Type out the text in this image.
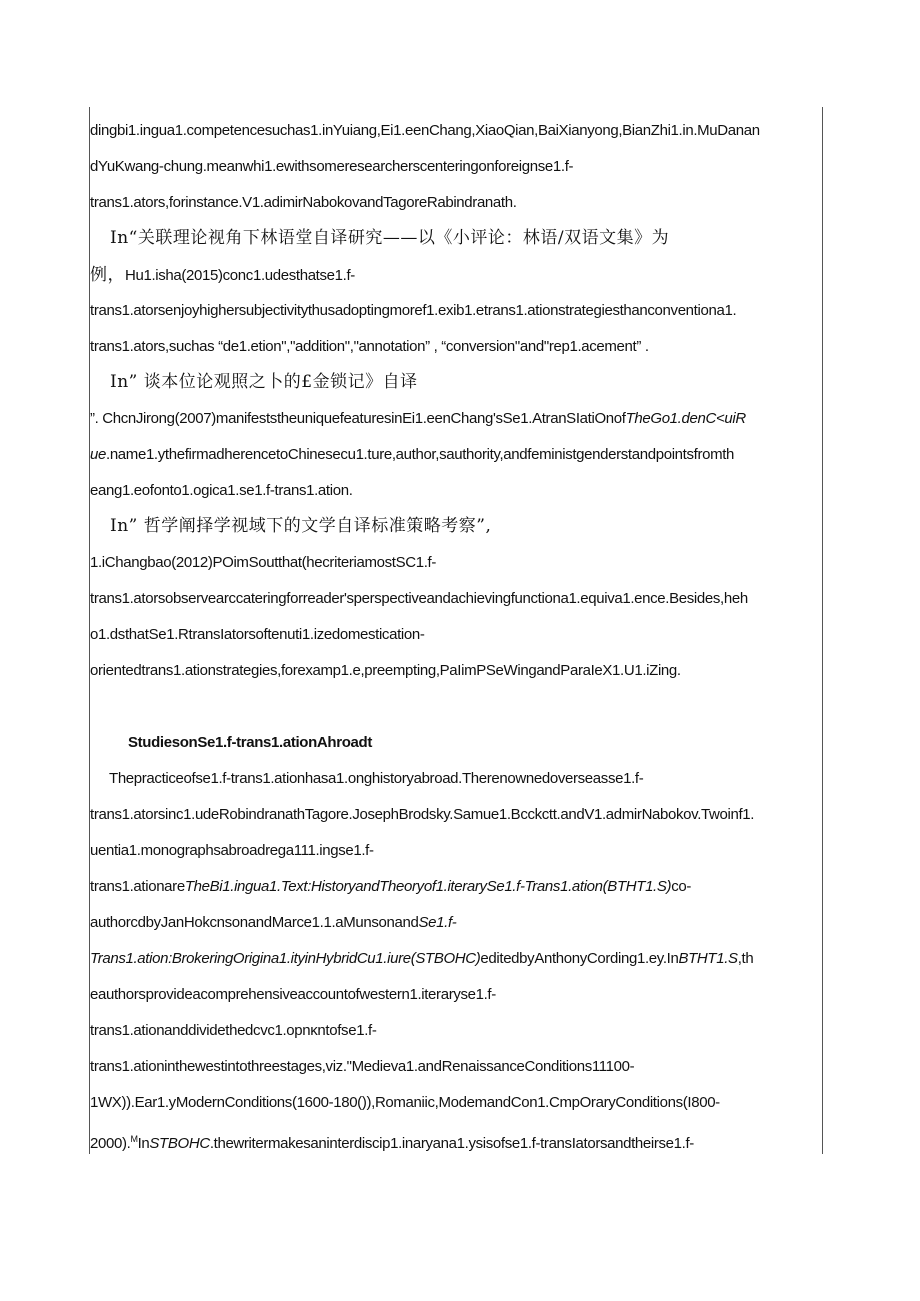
dingbi1.ingua1.competencesuchas1.inYuiang,Ei1.eenChang,XiaoQian,BaiXianyong,BianZhi1.in.MuDanan
dYuKwang-chung.meanwhi1.ewithsomeresearcherscenteringonforeignse1.f-
trans1.ators,forinstance.V1.adimirNabokovandTagoreRabindranath.
In“关联理论视角下林语堂自译研究——以《小评论：林语/双语文集》为
例，Hu1.isha(2015)conc1.udesthatse1.f-
trans1.atorsenjoyhighersubjectivitythusadoptingmoref1.exib1.etrans1.ationstrategiesthanconventiona1.
trans1.ators,suchas “de1.etion","addition","annotation” , “conversion"and"rep1.acement” .
In” 谈本位论观照之卜的£金锁记》自译
”. ChcnJirong(2007)manifeststheuniquefeaturesinEi1.eenChang'sSe1.AtranSIatiOnofTheGo1.denC<uiR
ue.name1.ythefirmadherencetoChinesecu1.ture,author,sauthority,andfeministgenderstandpointsfromth
eang1.eofonto1.ogica1.se1.f-trans1.ation.
In” 哲学阐择学视域下的文学自译标准策略考察”,
1.iChangbao(2012)POimSoutthat(hecriteriamostSC1.f-
trans1.atorsobservearccateringforreader'sperspectiveandachievingfunctiona1.equiva1.ence.Besides,heh
o1.dsthatSe1.RtransIatorsoftenuti1.izedomestication-
orientedtrans1.ationstrategies,forexamp1.e,preempting,PaIimPSeWingandParaIeX1.U1.iZing.
StudiesonSe1.f-trans1.ationAhroadt
Thepracticeofse1.f-trans1.ationhasa1.onghistoryabroad.Therenownedoverseasse1.f-
trans1.atorsinc1.udeRobindranathTagore.JosephBrodsky.Samue1.Bcckctt.andV1.admirNabokov.Twoinf1.
uentia1.monographsabroadrega111.ingse1.f-
trans1.ationareTheBi1.ingua1.Text:HistoryandTheoryof1.iterarySe1.f-Trans1.ation(BTHT1.S)co-
authorcdbyJanHokcnsonandMarce1.1.aMunsonandSe1.f-
Trans1.ation:BrokeringOrigina1.ityinHybridCu1.iure(STBOHC)editedbyAnthonyCording1.ey.InBTHT1.S,th
eauthorsprovideacomprehensiveaccountofwestern1.iteraryse1.f-
trans1.ationanddividethedcvc1.opnκntοfse1.f-
trans1.ationinthewestintothreestages,viz."Medieva1.andRenaissanceConditions11100-
1WX)).Ear1.yModernConditions(1600-180()),Romaniic,ModemandCon1.CmpOraryConditions(I800-
2000).$^M$InSTBOHC.thewritermakesaninterdiscip1.inaryana1.ysisofse1.f-transIatorsandtheirse1.f-
